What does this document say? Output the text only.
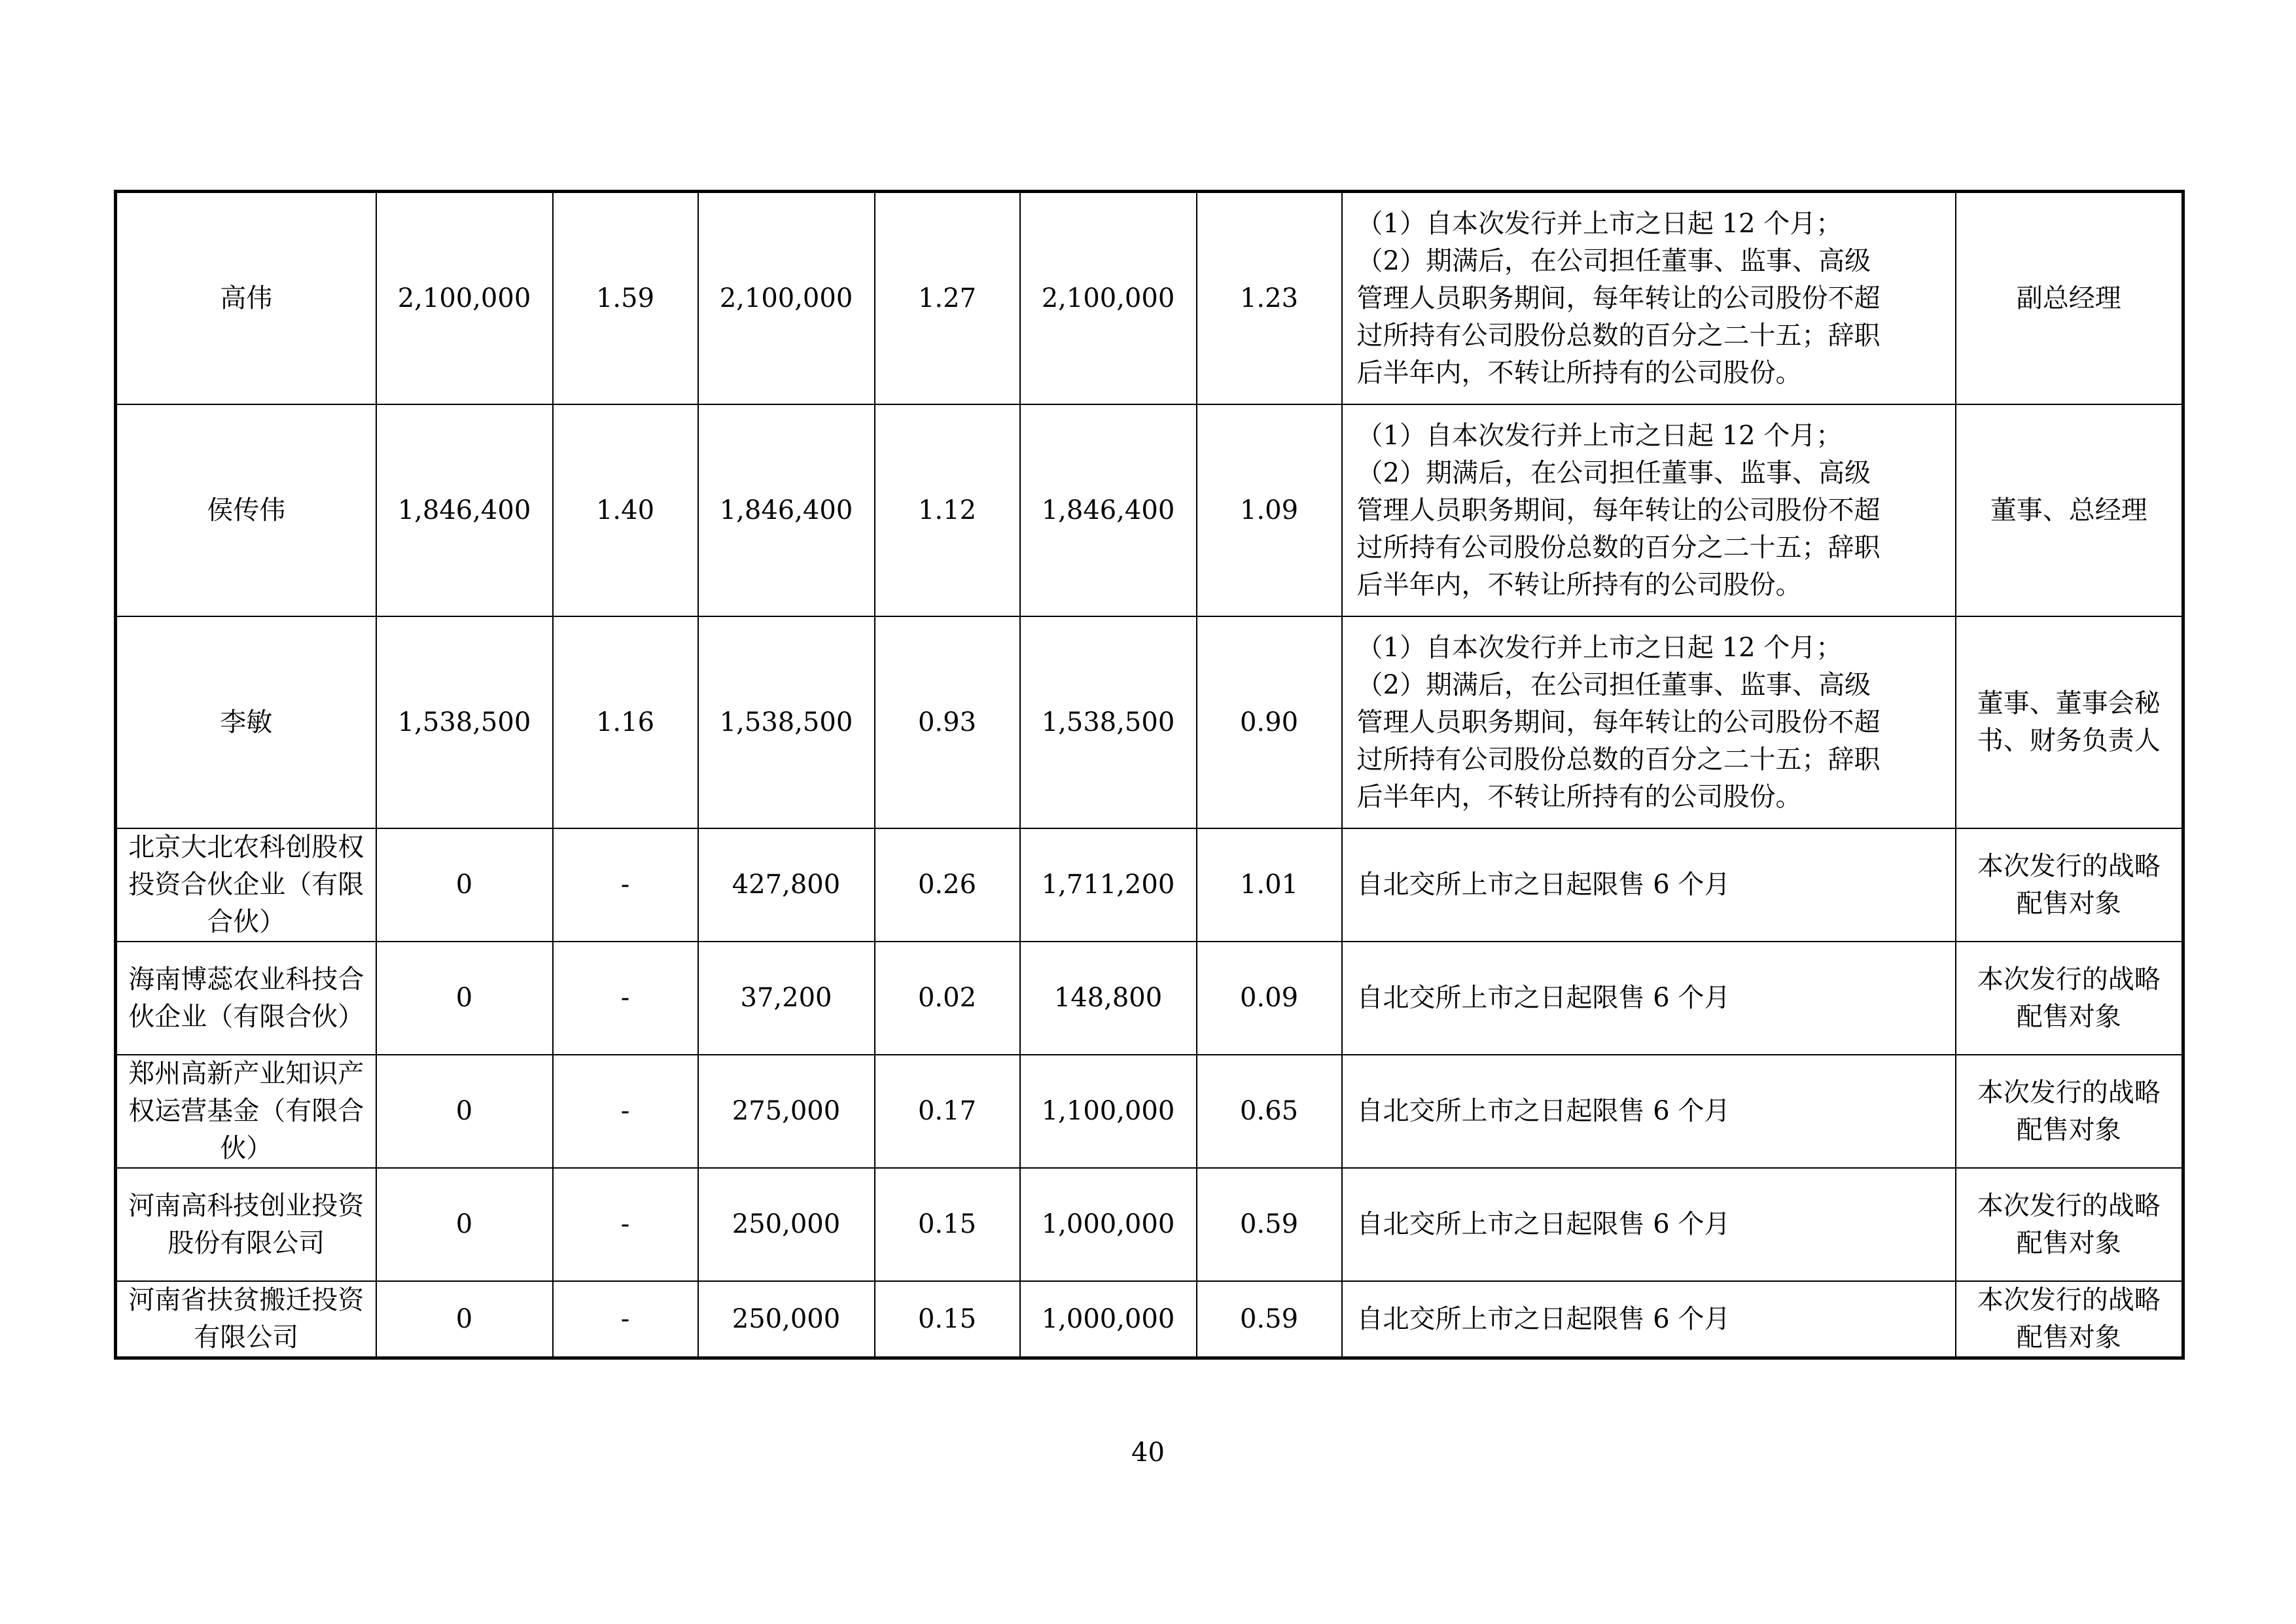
高伟	2,100,000	1.59	2,100,000	1.27	2,100,000	1.23	（1）自本次发行并上市之日起 12 个月；
（2）期满后，在公司担任董事、监事、高级
管理人员职务期间，每年转让的公司股份不超
过所持有公司股份总数的百分之二十五；辞职
后半年内，不转让所持有的公司股份。	副总经理
侯传伟	1,846,400	1.40	1,846,400	1.12	1,846,400	1.09	（1）自本次发行并上市之日起 12 个月；
（2）期满后，在公司担任董事、监事、高级
管理人员职务期间，每年转让的公司股份不超
过所持有公司股份总数的百分之二十五；辞职
后半年内，不转让所持有的公司股份。	董事、总经理
李敏	1,538,500	1.16	1,538,500	0.93	1,538,500	0.90	（1）自本次发行并上市之日起 12 个月；
（2）期满后，在公司担任董事、监事、高级
管理人员职务期间，每年转让的公司股份不超
过所持有公司股份总数的百分之二十五；辞职
后半年内，不转让所持有的公司股份。	董事、董事会秘书、财务负责人
北京大北农科创股权投资合伙企业（有限合伙）	0	-	427,800	0.26	1,711,200	1.01	自北交所上市之日起限售 6 个月	本次发行的战略配售对象
海南博蕊农业科技合伙企业（有限合伙）	0	-	37,200	0.02	148,800	0.09	自北交所上市之日起限售 6 个月	本次发行的战略配售对象
郑州高新产业知识产权运营基金（有限合伙）	0	-	275,000	0.17	1,100,000	0.65	自北交所上市之日起限售 6 个月	本次发行的战略配售对象
河南高科技创业投资股份有限公司	0	-	250,000	0.15	1,000,000	0.59	自北交所上市之日起限售 6 个月	本次发行的战略配售对象
河南省扶贫搬迁投资有限公司	0	-	250,000	0.15	1,000,000	0.59	自北交所上市之日起限售 6 个月	本次发行的战略配售对象
40
